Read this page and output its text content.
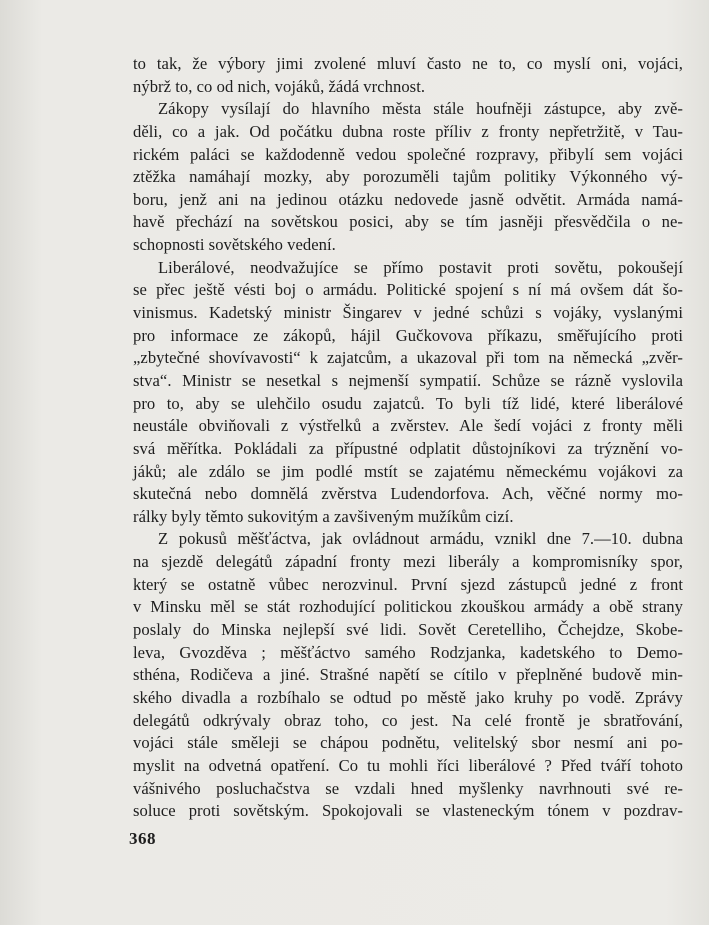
to tak, že výbory jimi zvolené mluví často ne to, co myslí oni, vojáci,
nýbrž to, co od nich, vojáků, žádá vrchnost.
Zákopy vysílají do hlavního města stále houfněji zástupce, aby zvě-
děli, co a jak. Od počátku dubna roste příliv z fronty nepřetržitě, v Tau-
rickém paláci se každodenně vedou společné rozpravy, přibylí sem vojáci
ztěžka namáhají mozky, aby porozuměli tajům politiky Výkonného vý-
boru, jenž ani na jedinou otázku nedovede jasně odvětit. Armáda namá-
havě přechází na sovětskou posici, aby se tím jasněji přesvědčila o ne-
schopnosti sovětského vedení.
Liberálové, neodvažujíce se přímo postavit proti sovětu, pokoušejí
se přec ještě vésti boj o armádu. Politické spojení s ní má ovšem dát šo-
vinismus. Kadetský ministr Šingarev v jedné schůzi s vojáky, vyslanými
pro informace ze zákopů, hájil Gučkovova příkazu, směřujícího proti
„zbytečné shovívavosti“ k zajatcům, a ukazoval při tom na německá „zvěr-
stva“. Ministr se nesetkal s nejmenší sympatií. Schůze se rázně vyslovila
pro to, aby se ulehčilo osudu zajatců. To byli tíž lidé, které liberálové
neustále obviňovali z výstřelků a zvěrstev. Ale šedí vojáci z fronty měli
svá měřítka. Pokládali za přípustné odplatit důstojníkovi za trýznění vo-
jáků; ale zdálo se jim podlé mstít se zajatému německému vojákovi za
skutečná nebo domnělá zvěrstva Ludendorfova. Ach, věčné normy mo-
rálky byly těmto sukovitým a zavšiveným mužíkům cizí.
Z pokusů měšťáctva, jak ovládnout armádu, vznikl dne 7.—10. dubna
na sjezdě delegátů západní fronty mezi liberály a kompromisníky spor,
který se ostatně vůbec nerozvinul. První sjezd zástupců jedné z front
v Minsku měl se stát rozhodující politickou zkouškou armády a obě strany
poslaly do Minska nejlepší své lidi. Sovět Ceretelliho, Čchejdze, Skobe-
leva, Gvozděva ; měšťáctvo samého Rodzjanka, kadetského to Demo-
sthéna, Rodičeva a jiné. Strašné napětí se cítilo v přeplněné budově min-
ského divadla a rozbíhalo se odtud po městě jako kruhy po vodě. Zprávy
delegátů odkrývaly obraz toho, co jest. Na celé frontě je sbratřování,
vojáci stále směleji se chápou podnětu, velitelský sbor nesmí ani po-
myslit na odvetná opatření. Co tu mohli říci liberálové ? Před tváří tohoto
vášnivého posluchačstva se vzdali hned myšlenky navrhnouti své re-
soluce proti sovětským. Spokojovali se vlasteneckým tónem v pozdrav-
368
